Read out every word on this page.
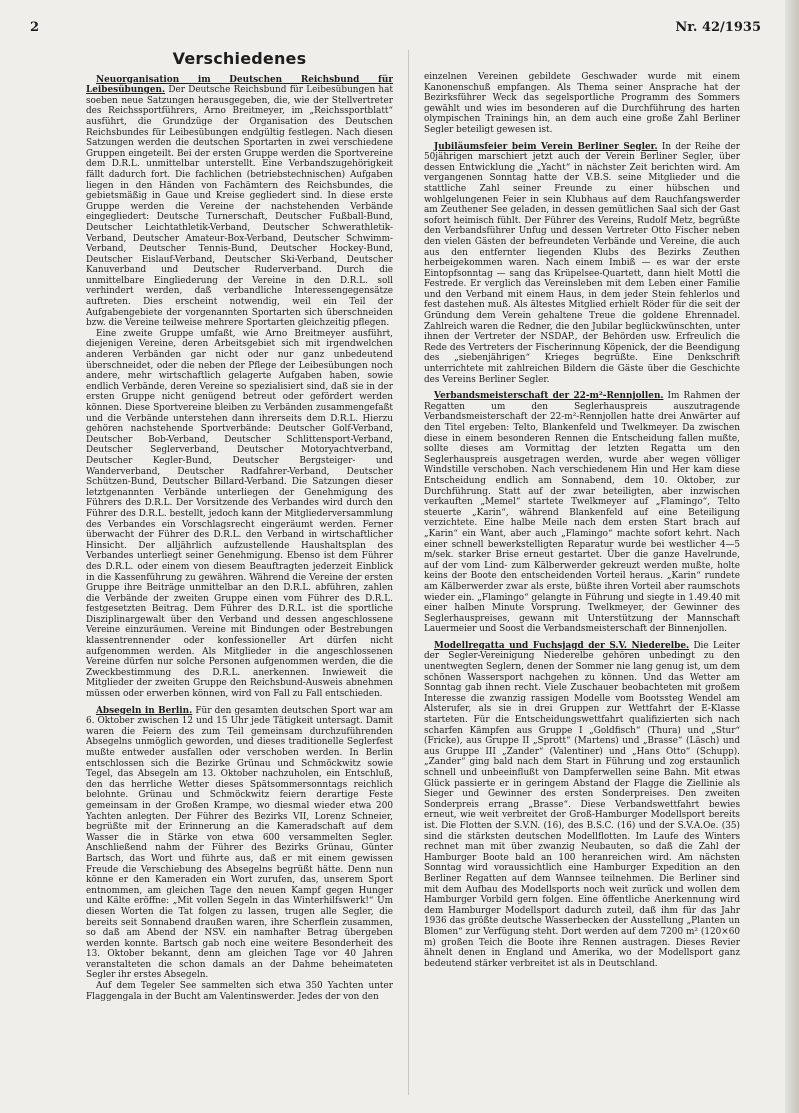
2	Nr. 42/1935
Verschiedenes

Neuorganisation im Deutschen Reichsbund für Leibesübungen. Der Deutsche Reichsbund für Leibesübungen hat soeben neue Satzungen herausgegeben, die, wie der Stellvertreter des Reichssportführers, Arno Breitmeyer, im „Reichssportblatt“ ausführt, die Grundzüge der Organisation des Deutschen Reichsbundes für Leibesübungen endgültig festlegen. Nach diesen Satzungen werden die deutschen Sportarten in zwei verschiedene Gruppen eingeteilt. Bei der ersten Gruppe werden die Sportvereine dem D.R.L. unmittelbar unterstellt. Eine Verbandszugehörigkeit fällt dadurch fort. Die fachlichen (betriebstechnischen) Aufgaben liegen in den Händen von Fachämtern des Reichsbundes, die gebietsmäßig in Gaue und Kreise gegliedert sind. In diese erste Gruppe werden die Vereine der nachstehenden Verbände eingegliedert: Deutsche Turnerschaft, Deutscher Fußball-Bund, Deutscher Leichtathletik-Verband, Deutscher Schwerathletik-Verband, Deutscher Amateur-Box-Verband, Deutscher Schwimm-Verband, Deutscher Tennis-Bund, Deutscher Hockey-Bund, Deutscher Eislauf-Verband, Deutscher Ski-Verband, Deutscher Kanuverband und Deutscher Ruderverband. Durch die unmittelbare Eingliederung der Vereine in den D.R.L. soll verhindert werden, daß verbandliche Interessengegensätze auftreten. Dies erscheint notwendig, weil ein Teil der Aufgabengebiete der vorgenannten Sportarten sich überschneiden bzw. die Vereine teilweise mehrere Sportarten gleichzeitig pflegen.

Eine zweite Gruppe umfaßt, wie Arno Breitmeyer ausführt, diejenigen Vereine, deren Arbeitsgebiet sich mit irgendwelchen anderen Verbänden gar nicht oder nur ganz unbedeutend überschneidet, oder die neben der Pflege der Leibesübungen noch andere, mehr wirtschaftlich gelagerte Aufgaben haben, sowie endlich Verbände, deren Vereine so spezialisiert sind, daß sie in der ersten Gruppe nicht genügend betreut oder gefördert werden können. Diese Sportvereine bleiben zu Verbänden zusammengefaßt und die Verbände unterstehen dann ihrerseits dem D.R.L. Hierzu gehören nachstehende Sportverbände: Deutscher Golf-Verband, Deutscher Bob-Verband, Deutscher Schlittensport-Verband, Deutscher Seglerverband, Deutscher Motoryachtverband, Deutscher Kegler-Bund, Deutscher Bergsteiger- und Wanderverband, Deutscher Radfahrer-Verband, Deutscher Schützen-Bund, Deutscher Billard-Verband. Die Satzungen dieser letztgenannten Verbände unterliegen der Genehmigung des Führers des D.R.L. Der Vorsitzende des Verbandes wird durch den Führer des D.R.L. bestellt, jedoch kann der Mitgliederversammlung des Verbandes ein Vorschlagsrecht eingeräumt werden. Ferner überwacht der Führer des D.R.L. den Verband in wirtschaftlicher Hinsicht. Der alljährlich aufzustellende Haushaltsplan des Verbandes unterliegt seiner Genehmigung. Ebenso ist dem Führer des D.R.L. oder einem von diesem Beauftragten jederzeit Einblick in die Kassenführung zu gewähren. Während die Vereine der ersten Gruppe ihre Beiträge unmittelbar an den D.R.L. abführen, zahlen die Verbände der zweiten Gruppe einen vom Führer des D.R.L. festgesetzten Beitrag. Dem Führer des D.R.L. ist die sportliche Disziplinargewalt über den Verband und dessen angeschlossene Vereine einzuräumen. Vereine mit Bindungen oder Bestrebungen klassentrennender oder konfessioneller Art dürfen nicht aufgenommen werden. Als Mitglieder in die angeschlossenen Vereine dürfen nur solche Personen aufgenommen werden, die die Zweckbestimmung des D.R.L. anerkennen. Inwieweit die Mitglieder der zweiten Gruppe den Reichsbund-Ausweis abnehmen müssen oder erwerben können, wird von Fall zu Fall entschieden.

Absegeln in Berlin. Für den gesamten deutschen Sport war am 6. Oktober zwischen 12 und 15 Uhr jede Tätigkeit untersagt. Damit waren die Feiern des zum Teil gemeinsam durchzuführenden Absegelns unmöglich geworden, und dieses traditionelle Seglerfest mußte entweder ausfallen oder verschoben werden. In Berlin entschlossen sich die Bezirke Grünau und Schmöckwitz sowie Tegel, das Absegeln am 13. Oktober nachzuholen, ein Entschluß, den das herrliche Wetter dieses Spätsommersonntags reichlich belohnte. Grünau und Schmöckwitz feiern derartige Feste gemeinsam in der Großen Krampe, wo diesmal wieder etwa 200 Yachten anlegten. Der Führer des Bezirks VII, Lorenz Schneier, begrüßte mit der Erinnerung an die Kameradschaft auf dem Wasser die in Stärke von etwa 600 versammelten Segler. Anschließend nahm der Führer des Bezirks Grünau, Günter Bartsch, das Wort und führte aus, daß er mit einem gewissen Freude die Verschiebung des Absegelns begrüßt hätte. Denn nun könne er den Kameraden ein Wort zurufen, das, unserem Sport entnommen, am gleichen Tage den neuen Kampf gegen Hunger und Kälte eröffne: „Mit vollen Segeln in das Winterhilfswerk!“ Um diesen Worten die Tat folgen zu lassen, trugen alle Segler, die bereits seit Sonnabend draußen waren, ihre Scherflein zusammen, so daß am Abend der NSV. ein namhafter Betrag übergeben werden konnte. Bartsch gab noch eine weitere Besonderheit des 13. Oktober bekannt, denn am gleichen Tage vor 40 Jahren veranstalteten die schon damals an der Dahme beheimateten Segler ihr erstes Absegeln.

Auf dem Tegeler See sammelten sich etwa 350 Yachten unter Flaggengala in der Bucht am Valentinswerder. Jedes der von den

einzelnen Vereinen gebildete Geschwader wurde mit einem Kanonenschuß empfangen. Als Thema seiner Ansprache hat der Bezirksführer Weck das segelsportliche Programm des Sommers gewählt und wies im besonderen auf die Durchführung des harten olympischen Trainings hin, an dem auch eine große Zahl Berliner Segler beteiligt gewesen ist.

Jubiläumsfeier beim Verein Berliner Segler. In der Reihe der 50jährigen marschiert jetzt auch der Verein Berliner Segler, über dessen Entwicklung die „Yacht“ in nächster Zeit berichten wird. Am vergangenen Sonntag hatte der V.B.S. seine Mitglieder und die stattliche Zahl seiner Freunde zu einer hübschen und wohlgelungenen Feier in sein Klubhaus auf dem Rauchfangswerder am Zeuthener See geladen, in dessen gemütlichen Saal sich der Gast sofort heimisch fühlt. Der Führer des Vereins, Rudolf Metz, begrüßte den Verbandsführer Unfug und dessen Vertreter Otto Fischer neben den vielen Gästen der befreundeten Verbände und Vereine, die auch aus den entfernter liegenden Klubs des Bezirks Zeuthen herbeigekommen waren. Nach einem Imbiß — es war der erste Eintopfsonntag — sang das Krüpelsee-Quartett, dann hielt Mottl die Festrede. Er verglich das Vereinsleben mit dem Leben einer Familie und den Verband mit einem Haus, in dem jeder Stein fehlerlos und fest dastehen muß. Als ältestes Mitglied erhielt Röder für die seit der Gründung dem Verein gehaltene Treue die goldene Ehrennadel. Zahlreich waren die Redner, die den Jubilar beglückwünschten, unter ihnen der Vertreter der NSDAP., der Behörden usw. Erfreulich die Rede des Vertreters der Fischerinnung Köpenick, der die Beendigung des „siebenjährigen“ Krieges begrüßte. Eine Denkschrift unterrichtete mit zahlreichen Bildern die Gäste über die Geschichte des Vereins Berliner Segler.

Verbandsmeisterschaft der 22-m²-Rennjollen. Im Rahmen der Regatten um den Seglerhauspreis auszutragende Verbandsmeisterschaft der 22-m²-Rennjollen hatte drei Anwärter auf den Titel ergeben: Telto, Blankenfeld und Twelkmeyer. Da zwischen diese in einem besonderen Rennen die Entscheidung fallen mußte, sollte dieses am Vormittag der letzten Regatta um den Seglerhauspreis ausgetragen werden, wurde aber wegen völliger Windstille verschoben. Nach verschiedenem Hin und Her kam diese Entscheidung endlich am Sonnabend, dem 10. Oktober, zur Durchführung. Statt auf der zwar beteiligten, aber inzwischen verkauften „Memel“ startete Twelkmeyer auf „Flamingo“, Telto steuerte „Karin“, während Blankenfeld auf eine Beteiligung verzichtete. Eine halbe Meile nach dem ersten Start brach auf „Karin“ ein Want, aber auch „Flamingo“ machte sofort kehrt. Nach einer schnell bewerkstelligten Reparatur wurde bei westlicher 4—5 m/sek. starker Brise erneut gestartet. Über die ganze Havelrunde, auf der vom Lind- zum Kälberwerder gekreuzt werden mußte, holte keins der Boote den entscheidenden Vorteil heraus. „Karin“ rundete am Kälberwerder zwar als erste, büßte ihren Vorteil aber raumschots wieder ein. „Flamingo“ gelangte in Führung und siegte in 1.49.40 mit einer halben Minute Vorsprung. Twelkmeyer, der Gewinner des Seglerhauspreises, gewann mit Unterstützung der Mannschaft Lauermeier und Soost die Verbandsmeisterschaft der Binnenjollen.

Modellregatta und Fuchsjagd der S.V. Niederelbe. Die Leiter der Segler-Vereinigung Niederelbe gehören unbedingt zu den unentwegten Seglern, denen der Sommer nie lang genug ist, um dem schönen Wassersport nachgehen zu können. Und das Wetter am Sonntag gab ihnen recht. Viele Zuschauer beobachteten mit großem Interesse die zwanzig rassigen Modelle vom Bootssteg Wendel am Alsterufer, als sie in drei Gruppen zur Wettfahrt der E-Klasse starteten. Für die Entscheidungswettfahrt qualifizierten sich nach scharfen Kämpfen aus Gruppe I „Goldfisch“ (Thura) und „Stur“ (Fricke), aus Gruppe II „Sprott“ (Martens) und „Brasse“ (Läsch) und aus Gruppe III „Zander“ (Valentiner) und „Hans Otto“ (Schupp). „Zander“ ging bald nach dem Start in Führung und zog erstaunlich schnell und unbeeinflußt von Dampferwellen seine Bahn. Mit etwas Glück passierte er in geringem Abstand der Flagge die Ziellinie als Sieger und Gewinner des ersten Sonderpreises. Den zweiten Sonderpreis errang „Brasse“. Diese Verbandswettfahrt bewies erneut, wie weit verbreitet der Groß-Hamburger Modellsport bereits ist. Die Flotten der S.V.N. (16), des B.S.C. (16) und der S.V.A.Oe. (35) sind die stärksten deutschen Modellflotten. Im Laufe des Winters rechnet man mit über zwanzig Neubauten, so daß die Zahl der Hamburger Boote bald an 100 heranreichen wird. Am nächsten Sonntag wird voraussichtlich eine Hamburger Expedition an den Berliner Regatten auf dem Wannsee teilnehmen. Die Berliner sind mit dem Aufbau des Modellsports noch weit zurück und wollen dem Hamburger Vorbild gern folgen. Eine öffentliche Anerkennung wird dem Hamburger Modellsport dadurch zuteil, daß ihm für das Jahr 1936 das größte deutsche Wasserbecken der Ausstellung „Planten un Blomen“ zur Verfügung steht. Dort werden auf dem 7200 m² (120×60 m) großen Teich die Boote ihre Rennen austragen. Dieses Revier ähnelt denen in England und Amerika, wo der Modellsport ganz bedeutend stärker verbreitet ist als in Deutschland.
